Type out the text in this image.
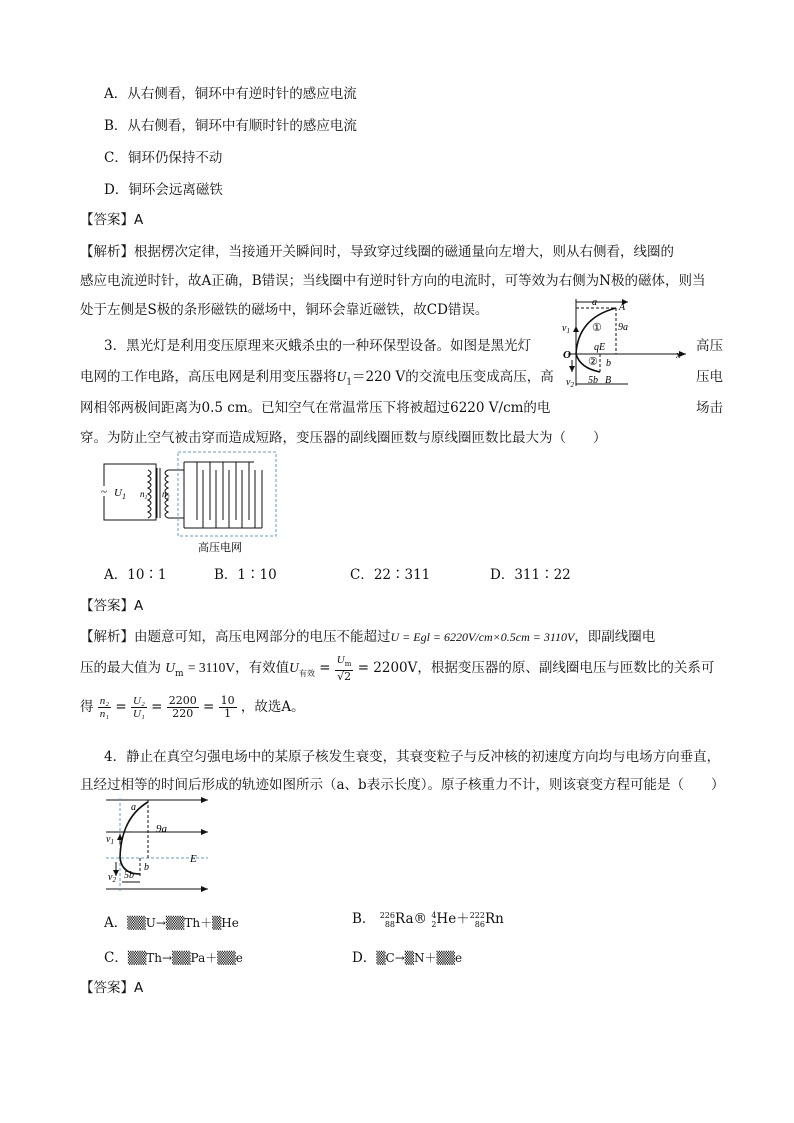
A．从右侧看，铜环中有逆时针的感应电流
B．从右侧看，铜环中有顺时针的感应电流
C．铜环仍保持不动
D．铜环会远离磁铁
【答案】A
【解析】根据楞次定律，当接通开关瞬间时，导致穿过线圈的磁通量向左增大，则从右侧看，线圈的
感应电流逆时针，故A正确，B错误；当线圈中有逆时针方向的电流时，可等效为右侧为N极的磁体，则当
处于左侧是S极的条形磁铁的磁场中，铜环会靠近磁铁，故CD错误。	a A
① 9a
$v_1$
qE
O
② b
x
$v_2$ 5b B
3．黑光灯是利用变压原理来灭蛾杀虫的一种环保型设备。如图是黑光灯	高压
电网的工作电路，高压电网是利用变压器将$U_1=220$ V的交流电压变成高压，高	压电
网相邻两极间距离为0.5 cm。已知空气在常温常压下将被超过6220 V/cm的电	场击
穿。为防止空气被击穿而造成短路，变压器的副线圈匝数与原线圈匝数比最大为（　　）
~ $U_1$ $n_1$ $n_2$
高压电网
A．10∶1	B．1∶10	C．22∶311	D．311∶22
【答案】A
【解析】由题意可知，高压电网部分的电压不能超过U = Egl = 6220V/cm×0.5cm = 3110V，即副线圈电
压的最大值为 $U_m = 3110V$，有效值$U_{有效} = \frac{U_m}{√2} = 2200V$，根据变压器的原、副线圈电压与匝数比的关系可
得 $\frac{\text{n₂}}{\text{n₁}} = \frac{\text{U₂}}{\text{U₁}} = \frac{2200}{220} = \frac{10}{1}$ ，故选A。
4．静止在真空匀强电场中的某原子核发生衰变，其衰变粒子与反冲核的初速度方向均与电场方向垂直，
且经过相等的时间后形成的轨迹如图所示（a、b表示长度）。原子核重力不计，则该衰变方程可能是（　　）
a
9a
$v_1$
E
b
$v_2$ 5b
A．▒▒U→▒▒Th＋▒He	B． 226
88 Ra® 4
2 He＋ 222
86 Rn
C．▒▒Th→▒▒Pa＋▒▒e	D．▒C→▒N＋▒▒e
【答案】A
